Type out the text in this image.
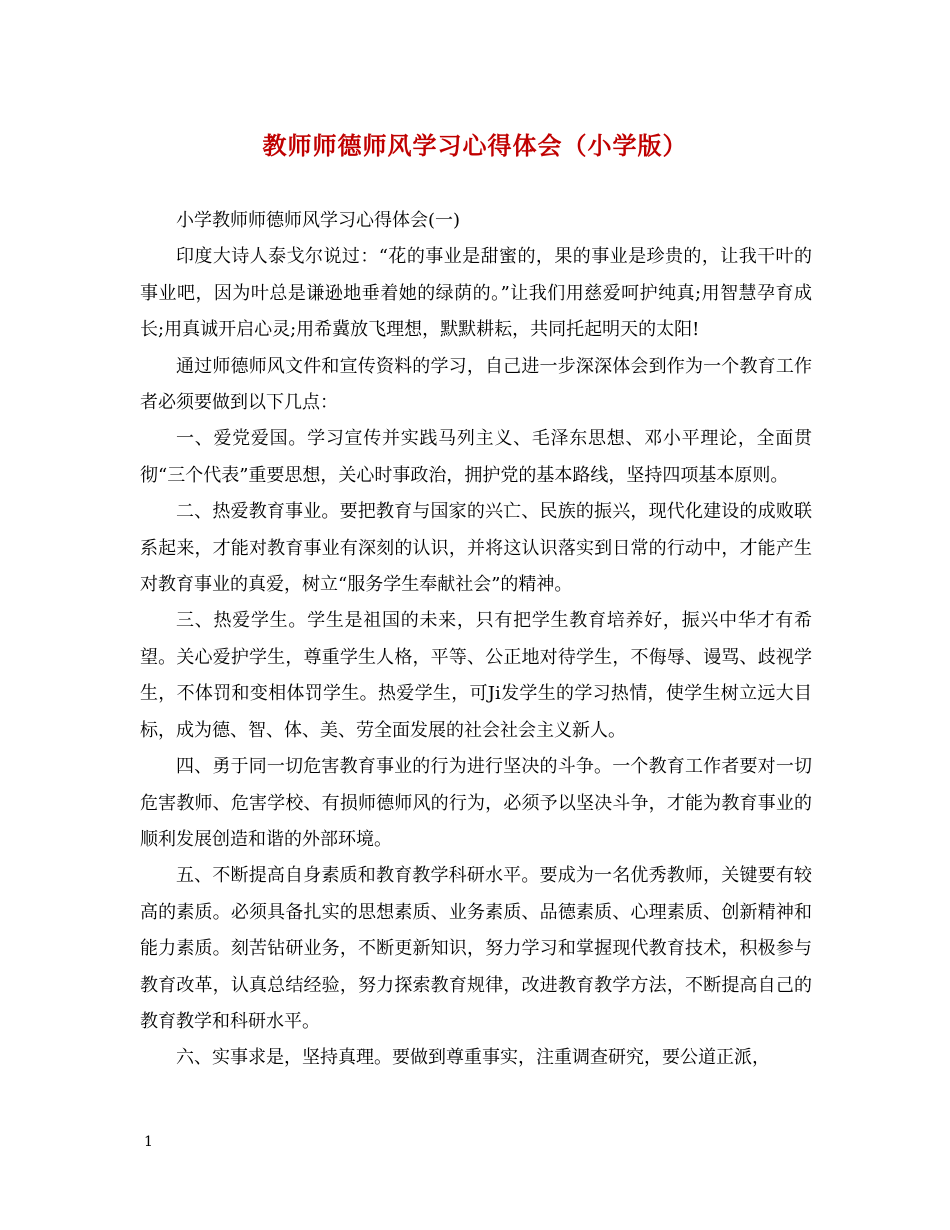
教师师德师风学习心得体会（小学版）

小学教师师德师风学习心得体会(一)

印度大诗人泰戈尔说过：“花的事业是甜蜜的，果的事业是珍贵的，让我干叶的事业吧，因为叶总是谦逊地垂着她的绿荫的。”让我们用慈爱呵护纯真;用智慧孕育成长;用真诚开启心灵;用希冀放飞理想，默默耕耘，共同托起明天的太阳!

通过师德师风文件和宣传资料的学习，自己进一步深深体会到作为一个教育工作者必须要做到以下几点：

一、爱党爱国。学习宣传并实践马列主义、毛泽东思想、邓小平理论，全面贯彻“三个代表”重要思想，关心时事政治，拥护党的基本路线，坚持四项基本原则。

二、热爱教育事业。要把教育与国家的兴亡、民族的振兴，现代化建设的成败联系起来，才能对教育事业有深刻的认识，并将这认识落实到日常的行动中，才能产生对教育事业的真爱，树立“服务学生奉献社会”的精神。

三、热爱学生。学生是祖国的未来，只有把学生教育培养好，振兴中华才有希望。关心爱护学生，尊重学生人格，平等、公正地对待学生，不侮辱、谩骂、歧视学生，不体罚和变相体罚学生。热爱学生，可Ji发学生的学习热情，使学生树立远大目标，成为德、智、体、美、劳全面发展的社会社会主义新人。

四、勇于同一切危害教育事业的行为进行坚决的斗争。一个教育工作者要对一切危害教师、危害学校、有损师德师风的行为，必须予以坚决斗争，才能为教育事业的顺利发展创造和谐的外部环境。

五、不断提高自身素质和教育教学科研水平。要成为一名优秀教师，关键要有较高的素质。必须具备扎实的思想素质、业务素质、品德素质、心理素质、创新精神和能力素质。刻苦钻研业务，不断更新知识，努力学习和掌握现代教育技术，积极参与教育改革，认真总结经验，努力探索教育规律，改进教育教学方法，不断提高自己的教育教学和科研水平。

六、实事求是，坚持真理。要做到尊重事实，注重调查研究，要公道正派，

1
